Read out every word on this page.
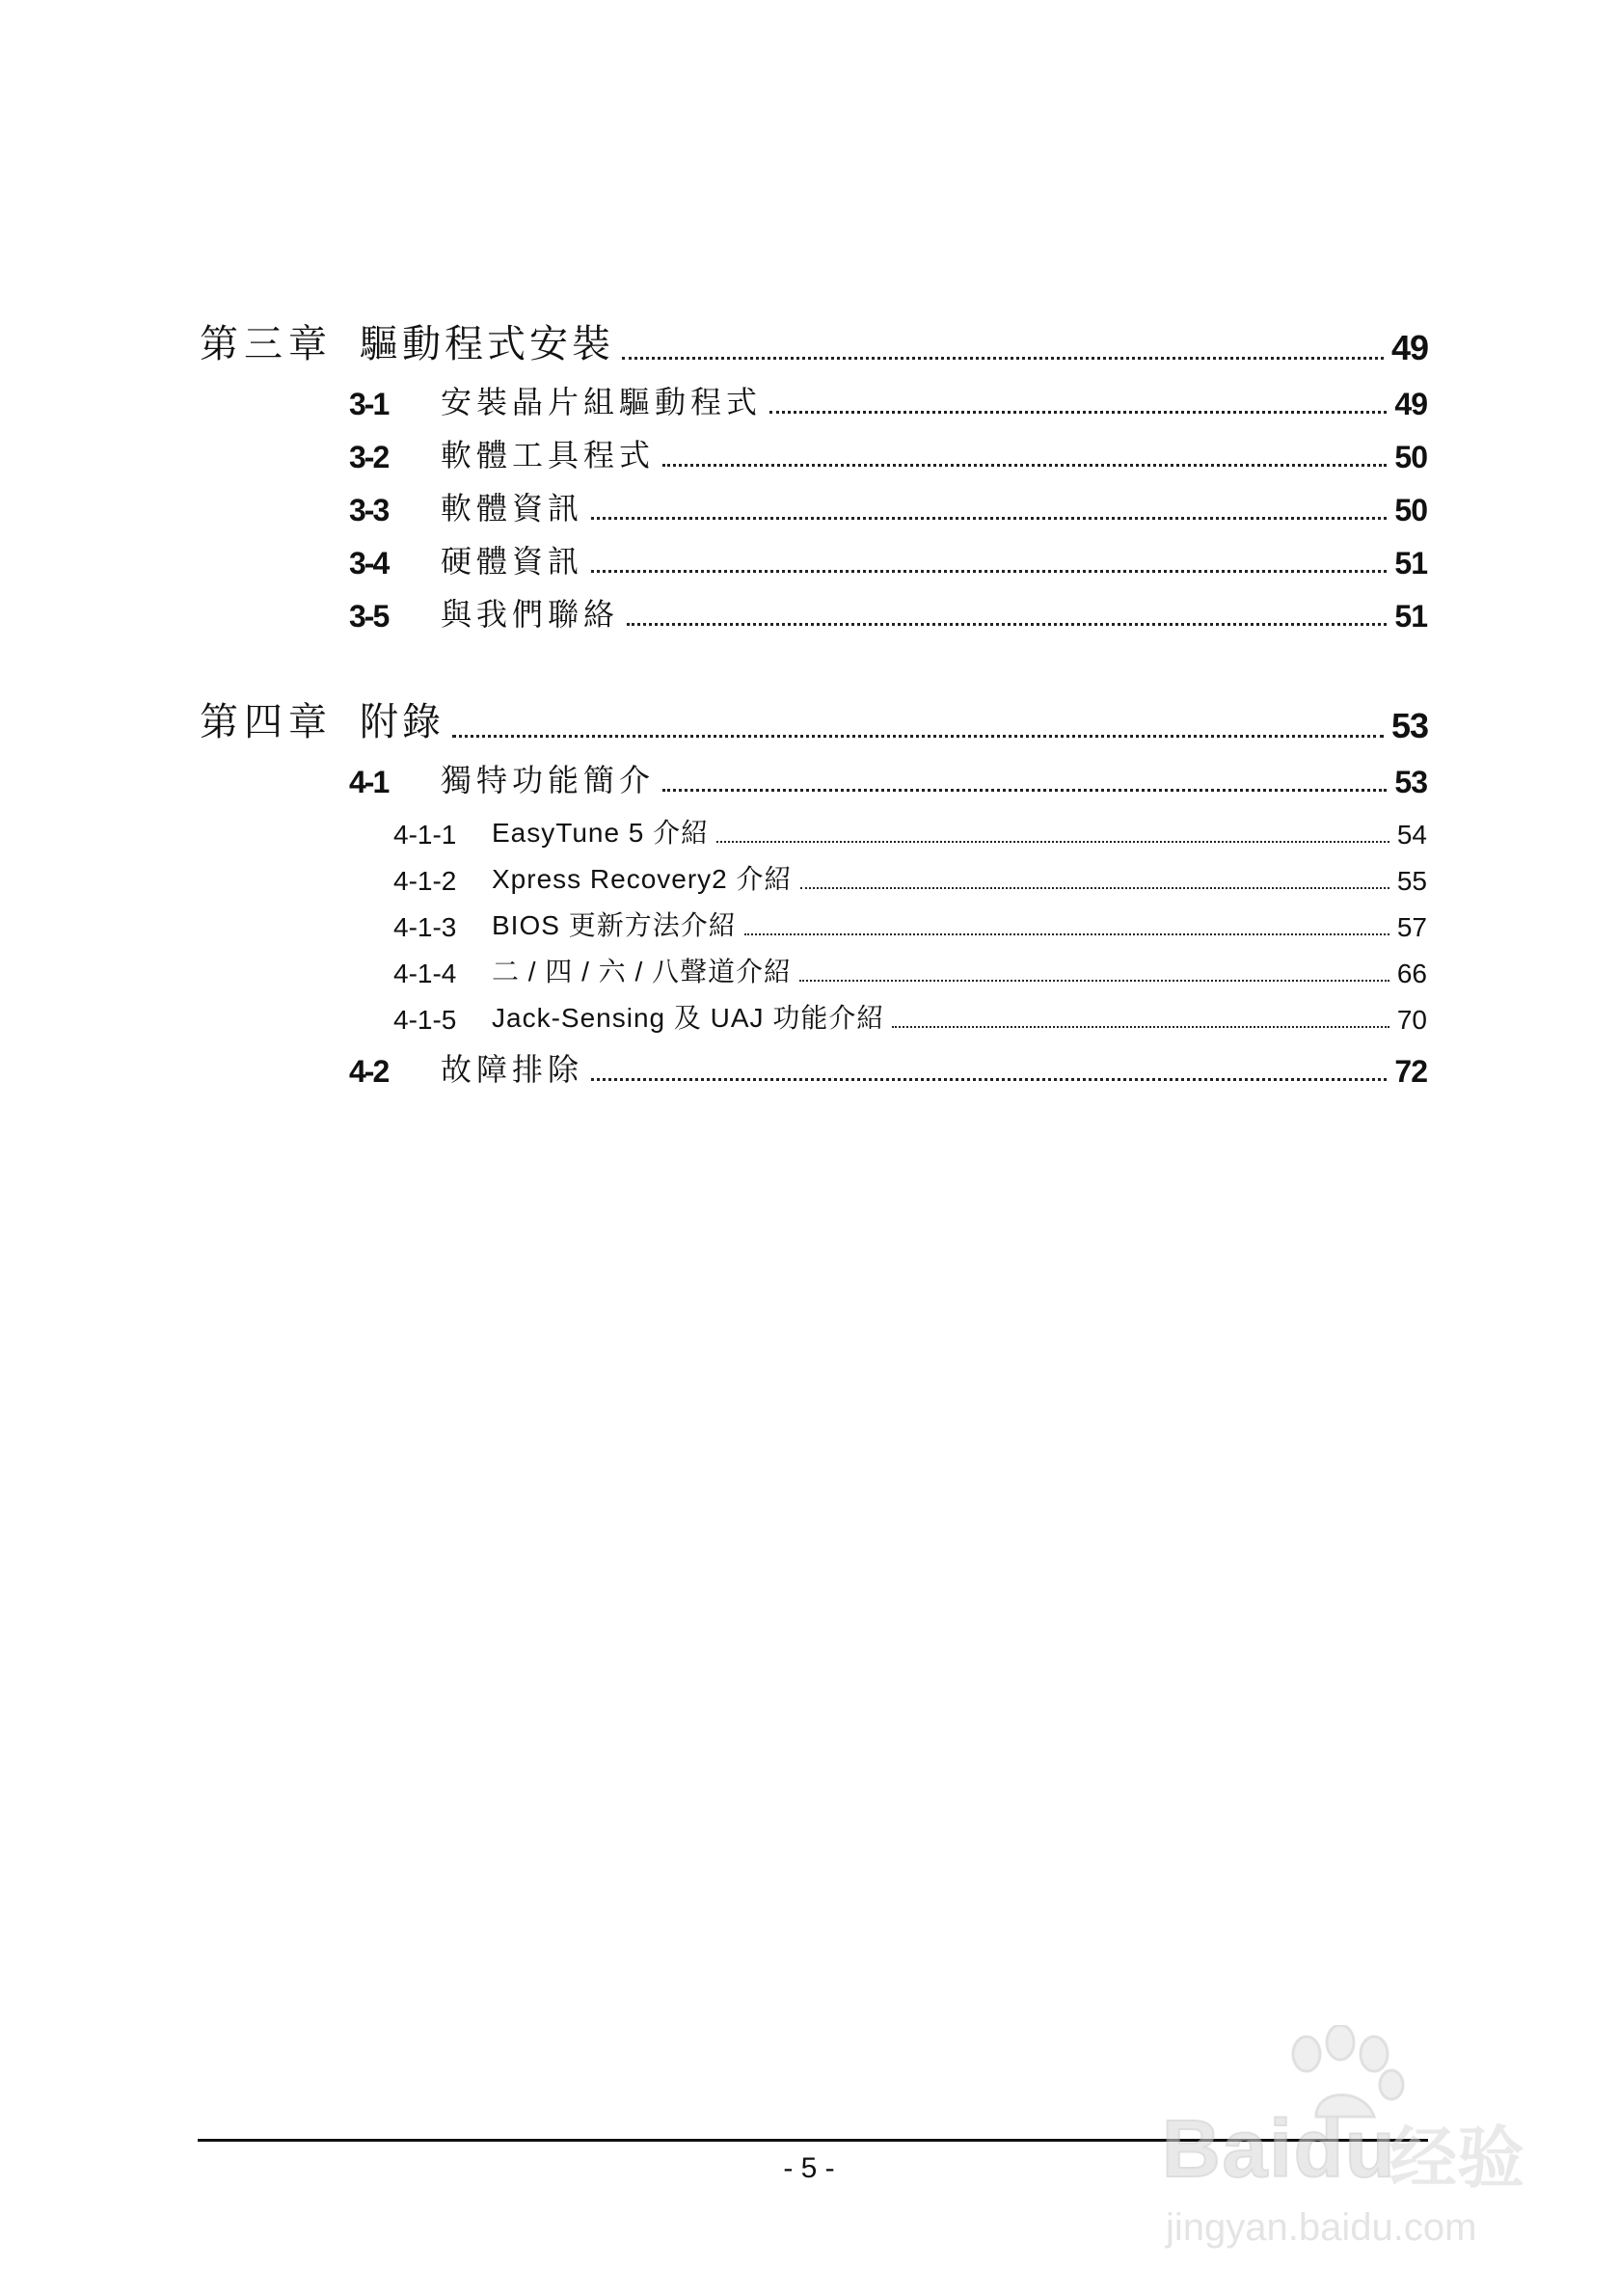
第三章 驅動程式安裝	49
3-1	安裝晶片組驅動程式	49
3-2	軟體工具程式	50
3-3	軟體資訊	50
3-4	硬體資訊	51
3-5	與我們聯絡	51
第四章 附錄	53
4-1	獨特功能簡介	53
4-1-1	EasyTune 5 介紹	54
4-1-2	Xpress Recovery2 介紹	55
4-1-3	BIOS 更新方法介紹	57
4-1-4	二 / 四 / 六 / 八聲道介紹	66
4-1-5	Jack-Sensing 及 UAJ 功能介紹	70
4-2	故障排除	72
- 5 -	Baidu
经验
jingyan.baidu.com
